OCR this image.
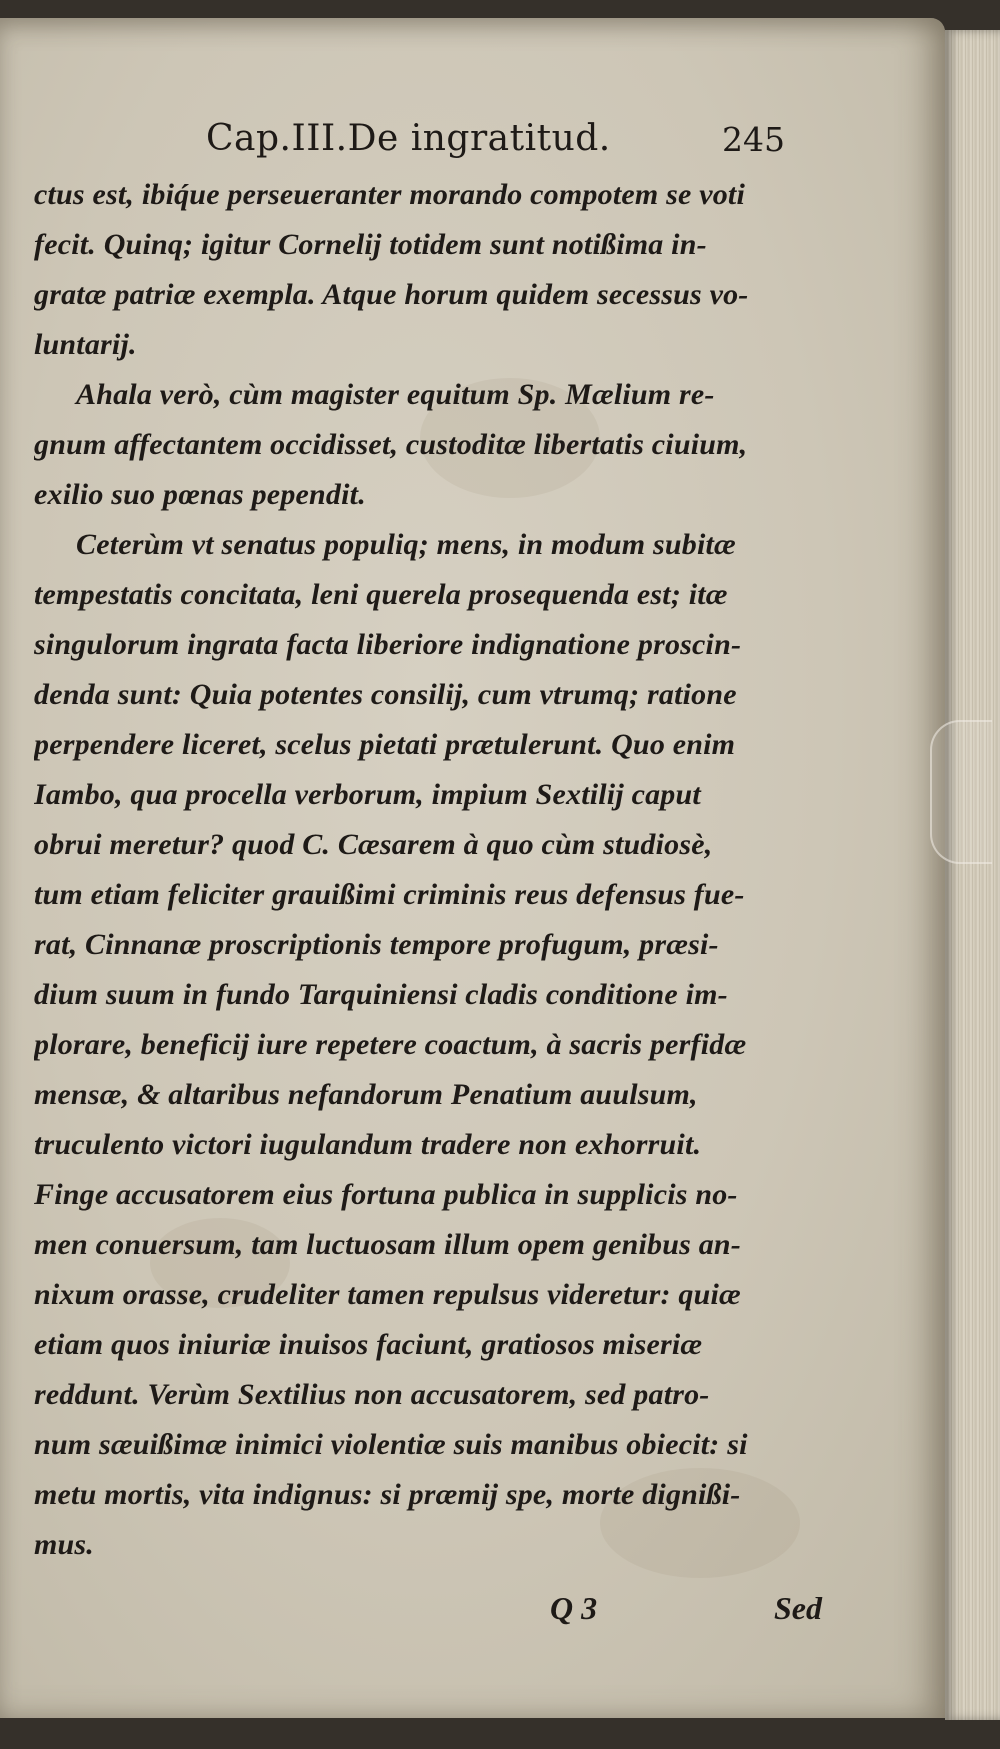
Cap.III.De ingratitud.	245
ctus est, ibiq́ue perseueranter morando compotem se voti
fecit. Quinq; igitur Cornelij totidem sunt notißima in-
gratæ patriæ exempla. Atque horum quidem secessus vo-
luntarij.
Ahala verò, cùm magister equitum Sp. Mælium re-
gnum affectantem occidisset, custoditæ libertatis ciuium,
exilio suo pœnas pependit.
Ceterùm vt senatus populiq; mens, in modum subitæ
tempestatis concitata, leni querela prosequenda est; itæ
singulorum ingrata facta liberiore indignatione proscin-
denda sunt: Quia potentes consilij, cum vtrumq; ratione
perpendere liceret, scelus pietati prætulerunt. Quo enim
Iambo, qua procella verborum, impium Sextilij caput
obrui meretur? quod C. Cæsarem à quo cùm studiosè,
tum etiam feliciter grauißimi criminis reus defensus fue-
rat, Cinnanæ proscriptionis tempore profugum, præsi-
dium suum in fundo Tarquiniensi cladis conditione im-
plorare, beneficij iure repetere coactum, à sacris perfidæ
mensæ, & altaribus nefandorum Penatium auulsum,
truculento victori iugulandum tradere non exhorruit.
Finge accusatorem eius fortuna publica in supplicis no-
men conuersum, tam luctuosam illum opem genibus an-
nixum orasse, crudeliter tamen repulsus videretur: quiæ
etiam quos iniuriæ inuisos faciunt, gratiosos miseriæ
reddunt. Verùm Sextilius non accusatorem, sed patro-
num sæuißimæ inimici violentiæ suis manibus obiecit: si
metu mortis, vita indignus: si præmij spe, morte dignißi-
mus.
Q 3	Sed
